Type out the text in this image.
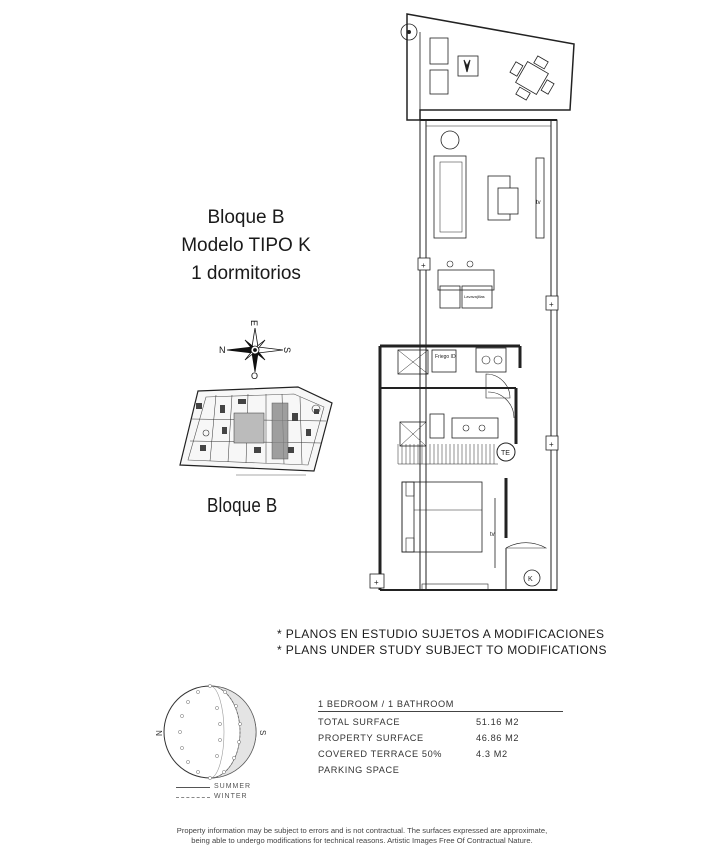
Bloque B
Modelo TIPO K
1 dormitorios
N	S
E
O
Bloque B
tv
tv
Friego ID
Lavavajillas
TE
K
+
+
+
+
* PLANOS EN ESTUDIO SUJETOS A MODIFICACIONES
* PLANS UNDER STUDY SUBJECT TO MODIFICATIONS
N	S
SUMMER
WINTER
1 BEDROOM / 1 BATHROOM
TOTAL SURFACE	51.16 M2
PROPERTY SURFACE	46.86 M2
COVERED TERRACE 50%	4.3 M2
PARKING SPACE
Property information may be subject to errors and is not contractual. The surfaces expressed are approximate,
being able to undergo modifications for technical reasons. Artistic Images Free Of Contractual Nature.
